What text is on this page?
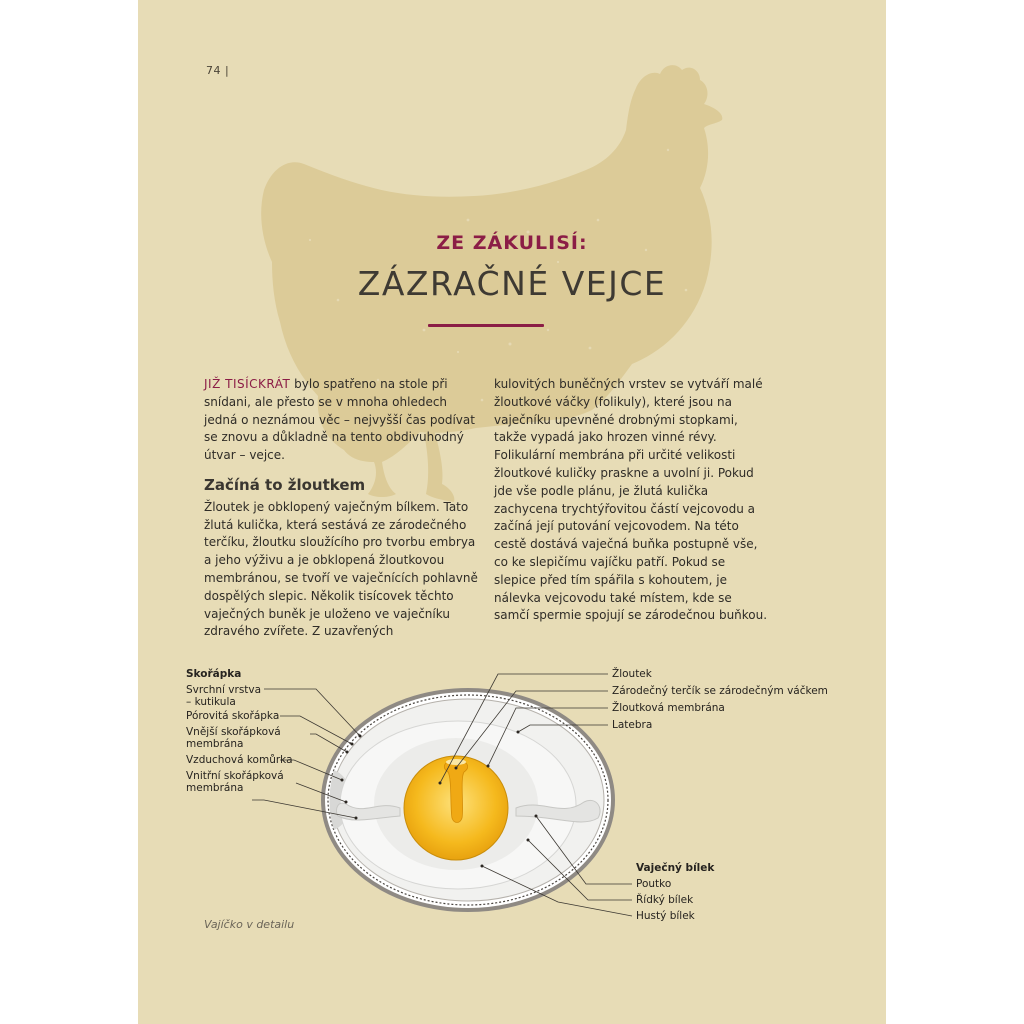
74 |
ZE ZÁKULISÍ:
ZÁZRAČNÉ VEJCE

JIŽ TISÍCKRÁT bylo spatřeno na stole při snídani, ale přesto se v mnoha ohledech jedná o neznámou věc – nejvyšší čas podívat se znovu a důkladně na tento obdivuhodný útvar – vejce.

Začíná to žloutkem

Žloutek je obklopený vaječným bílkem. Tato žlutá kulička, která sestává ze zárodečného terčíku, žloutku sloužícího pro tvorbu embrya a jeho výživu a je obklopená žloutkovou membránou, se tvoří ve vaječnících pohlavně dospělých slepic. Několik tisícovek těchto vaječných buněk je uloženo ve vaječníku zdravého zvířete. Z uzavřených

kulovitých buněčných vrstev se vytváří malé žloutkové váčky (folikuly), které jsou na vaječníku upevněné drobnými stopkami, takže vypadá jako hrozen vinné révy. Folikulární membrána při určité velikosti žloutkové kuličky praskne a uvolní ji. Pokud jde vše podle plánu, je žlutá kulička zachycena trychtýřovitou částí vejcovodu a začíná její putování vejcovodem. Na této cestě dostává vaječná buňka postupně vše, co ke slepičímu vajíčku patří. Pokud se slepice před tím spářila s kohoutem, je nálevka vejcovodu také místem, kde se samčí spermie spojují se zárodečnou buňkou.

Skořápka
Svrchní vrstva
– kutikula
Pórovitá skořápka
Vnější skořápková
membrána
Vzduchová komůrka
Vnitřní skořápková
membrána
Žloutek
Zárodečný terčík se zárodečným váčkem
Žloutková membrána
Latebra
Vaječný bílek
Poutko
Řídký bílek
Hustý bílek
Vajíčko v detailu
